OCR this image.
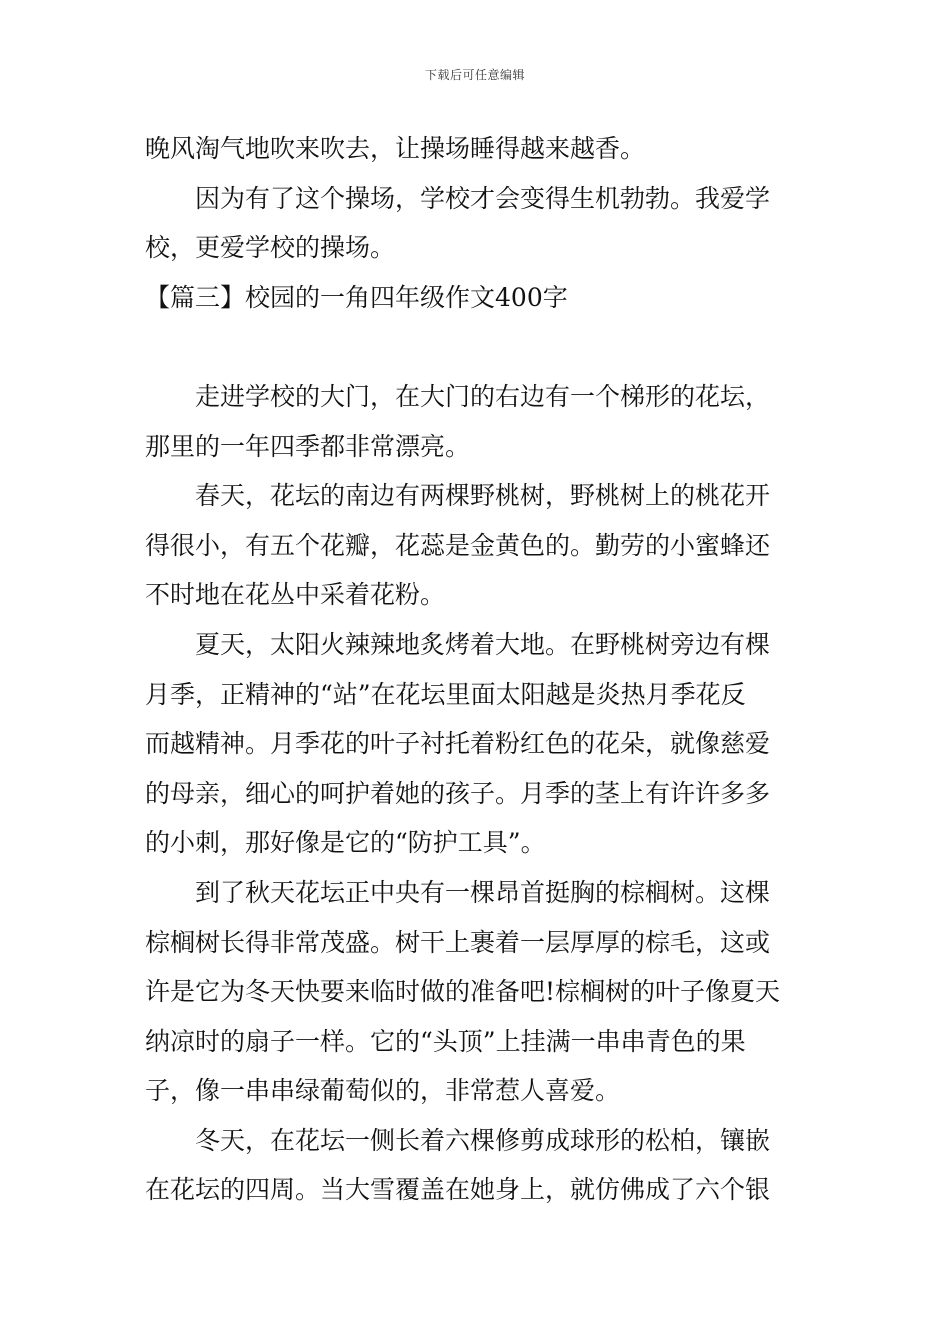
下载后可任意编辑
晚风淘气地吹来吹去，让操场睡得越来越香。
因为有了这个操场，学校才会变得生机勃勃。我爱学
校，更爱学校的操场。
【篇三】校园的一角四年级作文400字
走进学校的大门，在大门的右边有一个梯形的花坛，
那里的一年四季都非常漂亮。
春天，花坛的南边有两棵野桃树，野桃树上的桃花开
得很小，有五个花瓣，花蕊是金黄色的。勤劳的小蜜蜂还
不时地在花丛中采着花粉。
夏天，太阳火辣辣地炙烤着大地。在野桃树旁边有棵
月季，正精神的“站”在花坛里面太阳越是炎热月季花反
而越精神。月季花的叶子衬托着粉红色的花朵，就像慈爱
的母亲，细心的呵护着她的孩子。月季的茎上有许许多多
的小刺，那好像是它的“防护工具”。
到了秋天花坛正中央有一棵昂首挺胸的棕榈树。这棵
棕榈树长得非常茂盛。树干上裹着一层厚厚的棕毛，这或
许是它为冬天快要来临时做的准备吧!棕榈树的叶子像夏天
纳凉时的扇子一样。它的“头顶”上挂满一串串青色的果
子，像一串串绿葡萄似的，非常惹人喜爱。
冬天，在花坛一侧长着六棵修剪成球形的松柏，镶嵌
在花坛的四周。当大雪覆盖在她身上，就仿佛成了六个银
